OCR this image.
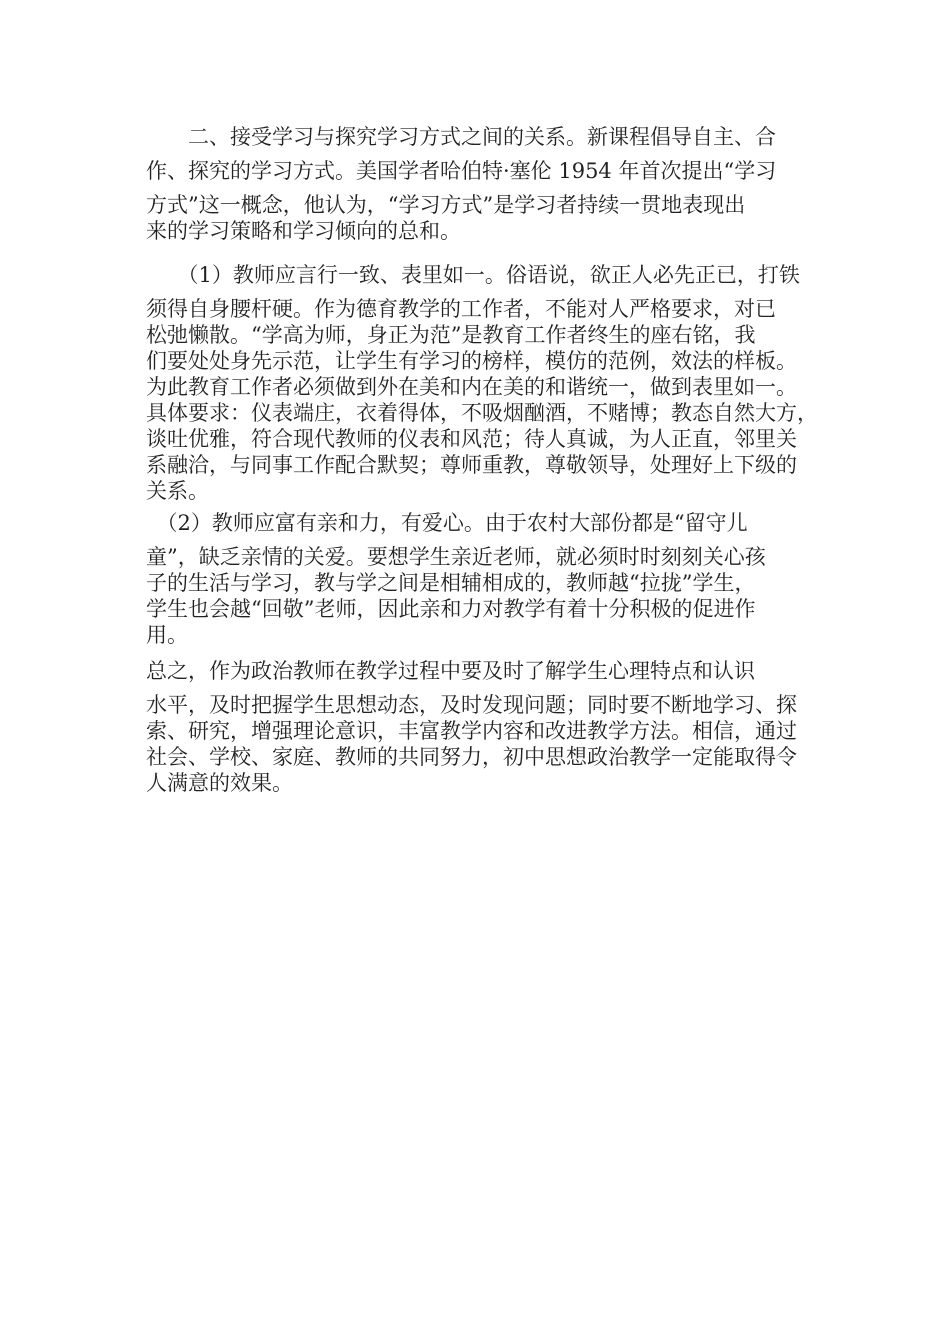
　　二、接受学习与探究学习方式之间的关系。新课程倡导自主、合
作、探究的学习方式。美国学者哈伯特·塞伦 1954 年首次提出“学习
方式”这一概念，他认为，“学习方式”是学习者持续一贯地表现出
来的学习策略和学习倾向的总和。
　　（1）教师应言行一致、表里如一。俗语说，欲正人必先正已，打铁
须得自身腰杆硬。作为德育教学的工作者，不能对人严格要求，对已
松弛懒散。“学高为师，身正为范”是教育工作者终生的座右铭，我
们要处处身先示范，让学生有学习的榜样，模仿的范例，效法的样板。
为此教育工作者必须做到外在美和内在美的和谐统一，做到表里如一。
具体要求：仪表端庄，衣着得体，不吸烟酗酒，不赌博；教态自然大方，
谈吐优雅，符合现代教师的仪表和风范；待人真诚，为人正直，邻里关
系融洽，与同事工作配合默契；尊师重教，尊敬领导，处理好上下级的
关系。
　（2）教师应富有亲和力，有爱心。由于农村大部份都是“留守儿
童”，缺乏亲情的关爱。要想学生亲近老师，就必须时时刻刻关心孩
子的生活与学习，教与学之间是相辅相成的，教师越“拉拢”学生，
学生也会越“回敬”老师，因此亲和力对教学有着十分积极的促进作
用。
总之，作为政治教师在教学过程中要及时了解学生心理特点和认识
水平，及时把握学生思想动态，及时发现问题；同时要不断地学习、探
索、研究，增强理论意识，丰富教学内容和改进教学方法。相信，通过
社会、学校、家庭、教师的共同努力，初中思想政治教学一定能取得令
人满意的效果。
